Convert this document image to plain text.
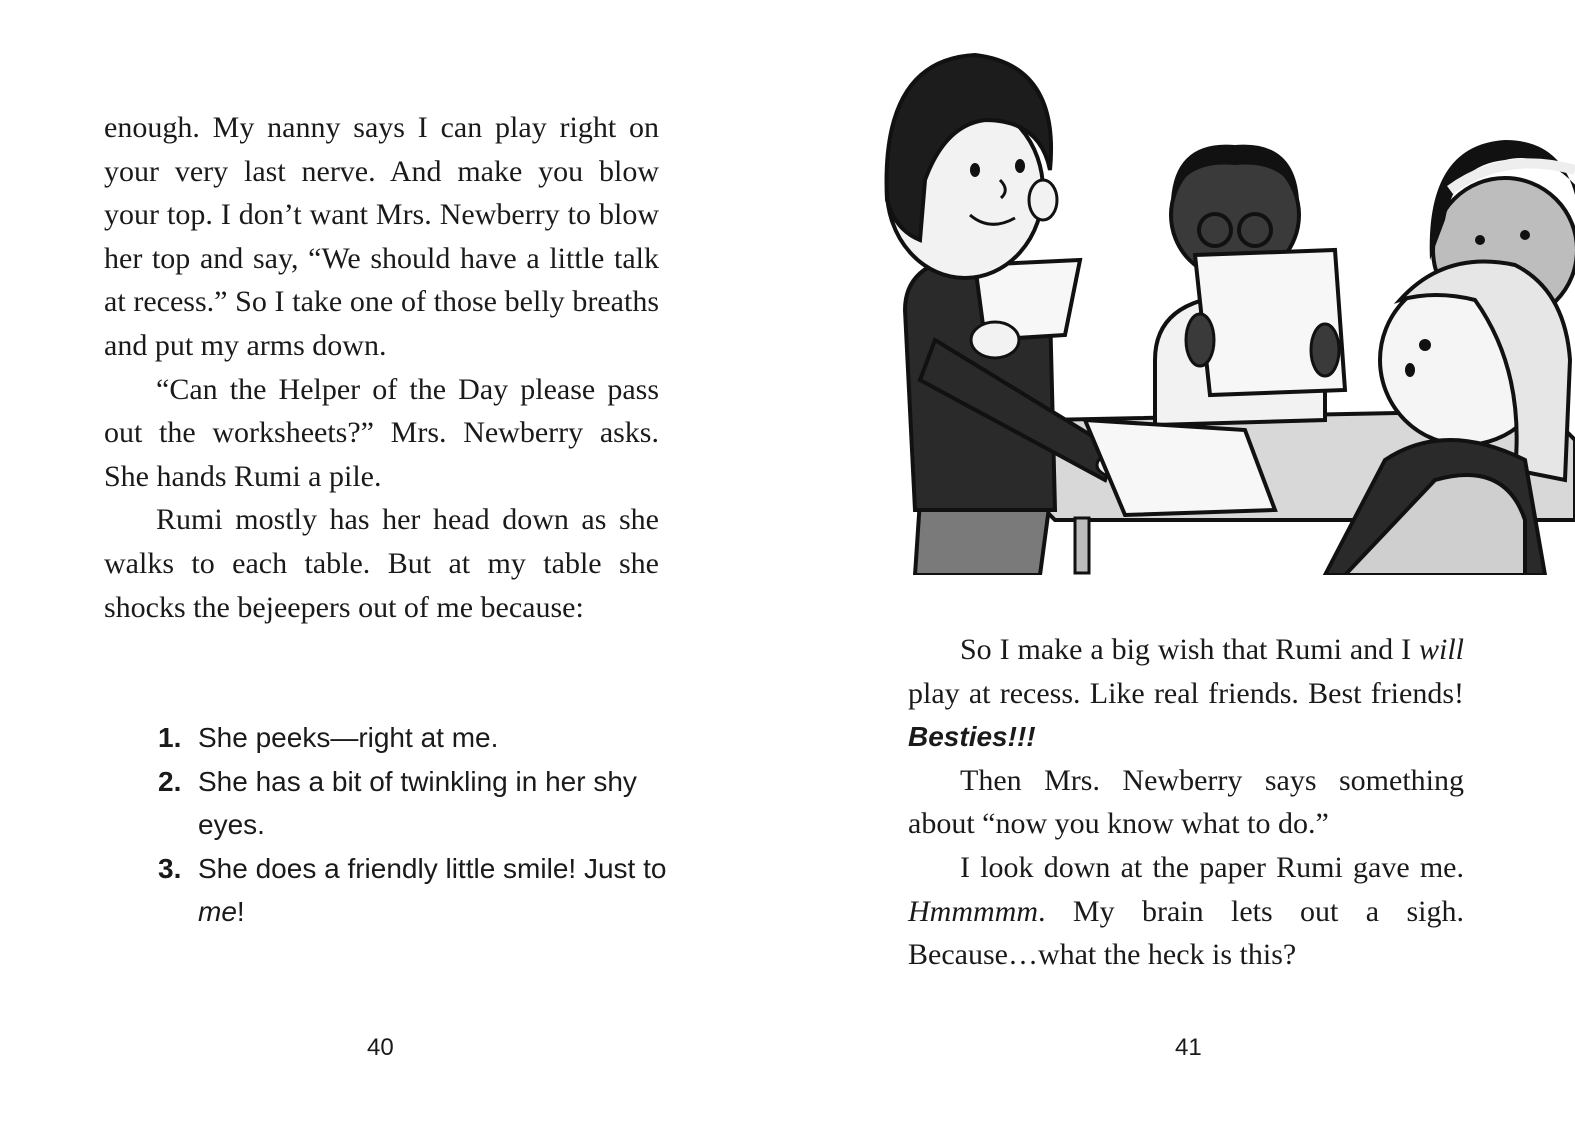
enough. My nanny says I can play right on your very last nerve. And make you blow your top. I don’t want Mrs. Newberry to blow her top and say, “We should have a little talk at recess.” So I take one of those belly breaths and put my arms down.

“Can the Helper of the Day please pass out the worksheets?” Mrs. Newberry asks. She hands Rumi a pile.

Rumi mostly has her head down as she walks to each table. But at my table she shocks the bejeepers out of me because:

1. She peeks—right at me.
2. She has a bit of twinkling in her shy eyes.
3. She does a friendly little smile! Just to me!
40

So I make a big wish that Rumi and I will play at recess. Like real friends. Best friends! Besties!!!

Then Mrs. Newberry says something about “now you know what to do.”

I look down at the paper Rumi gave me. Hmmmmm. My brain lets out a sigh. Because…what the heck is this?

41
